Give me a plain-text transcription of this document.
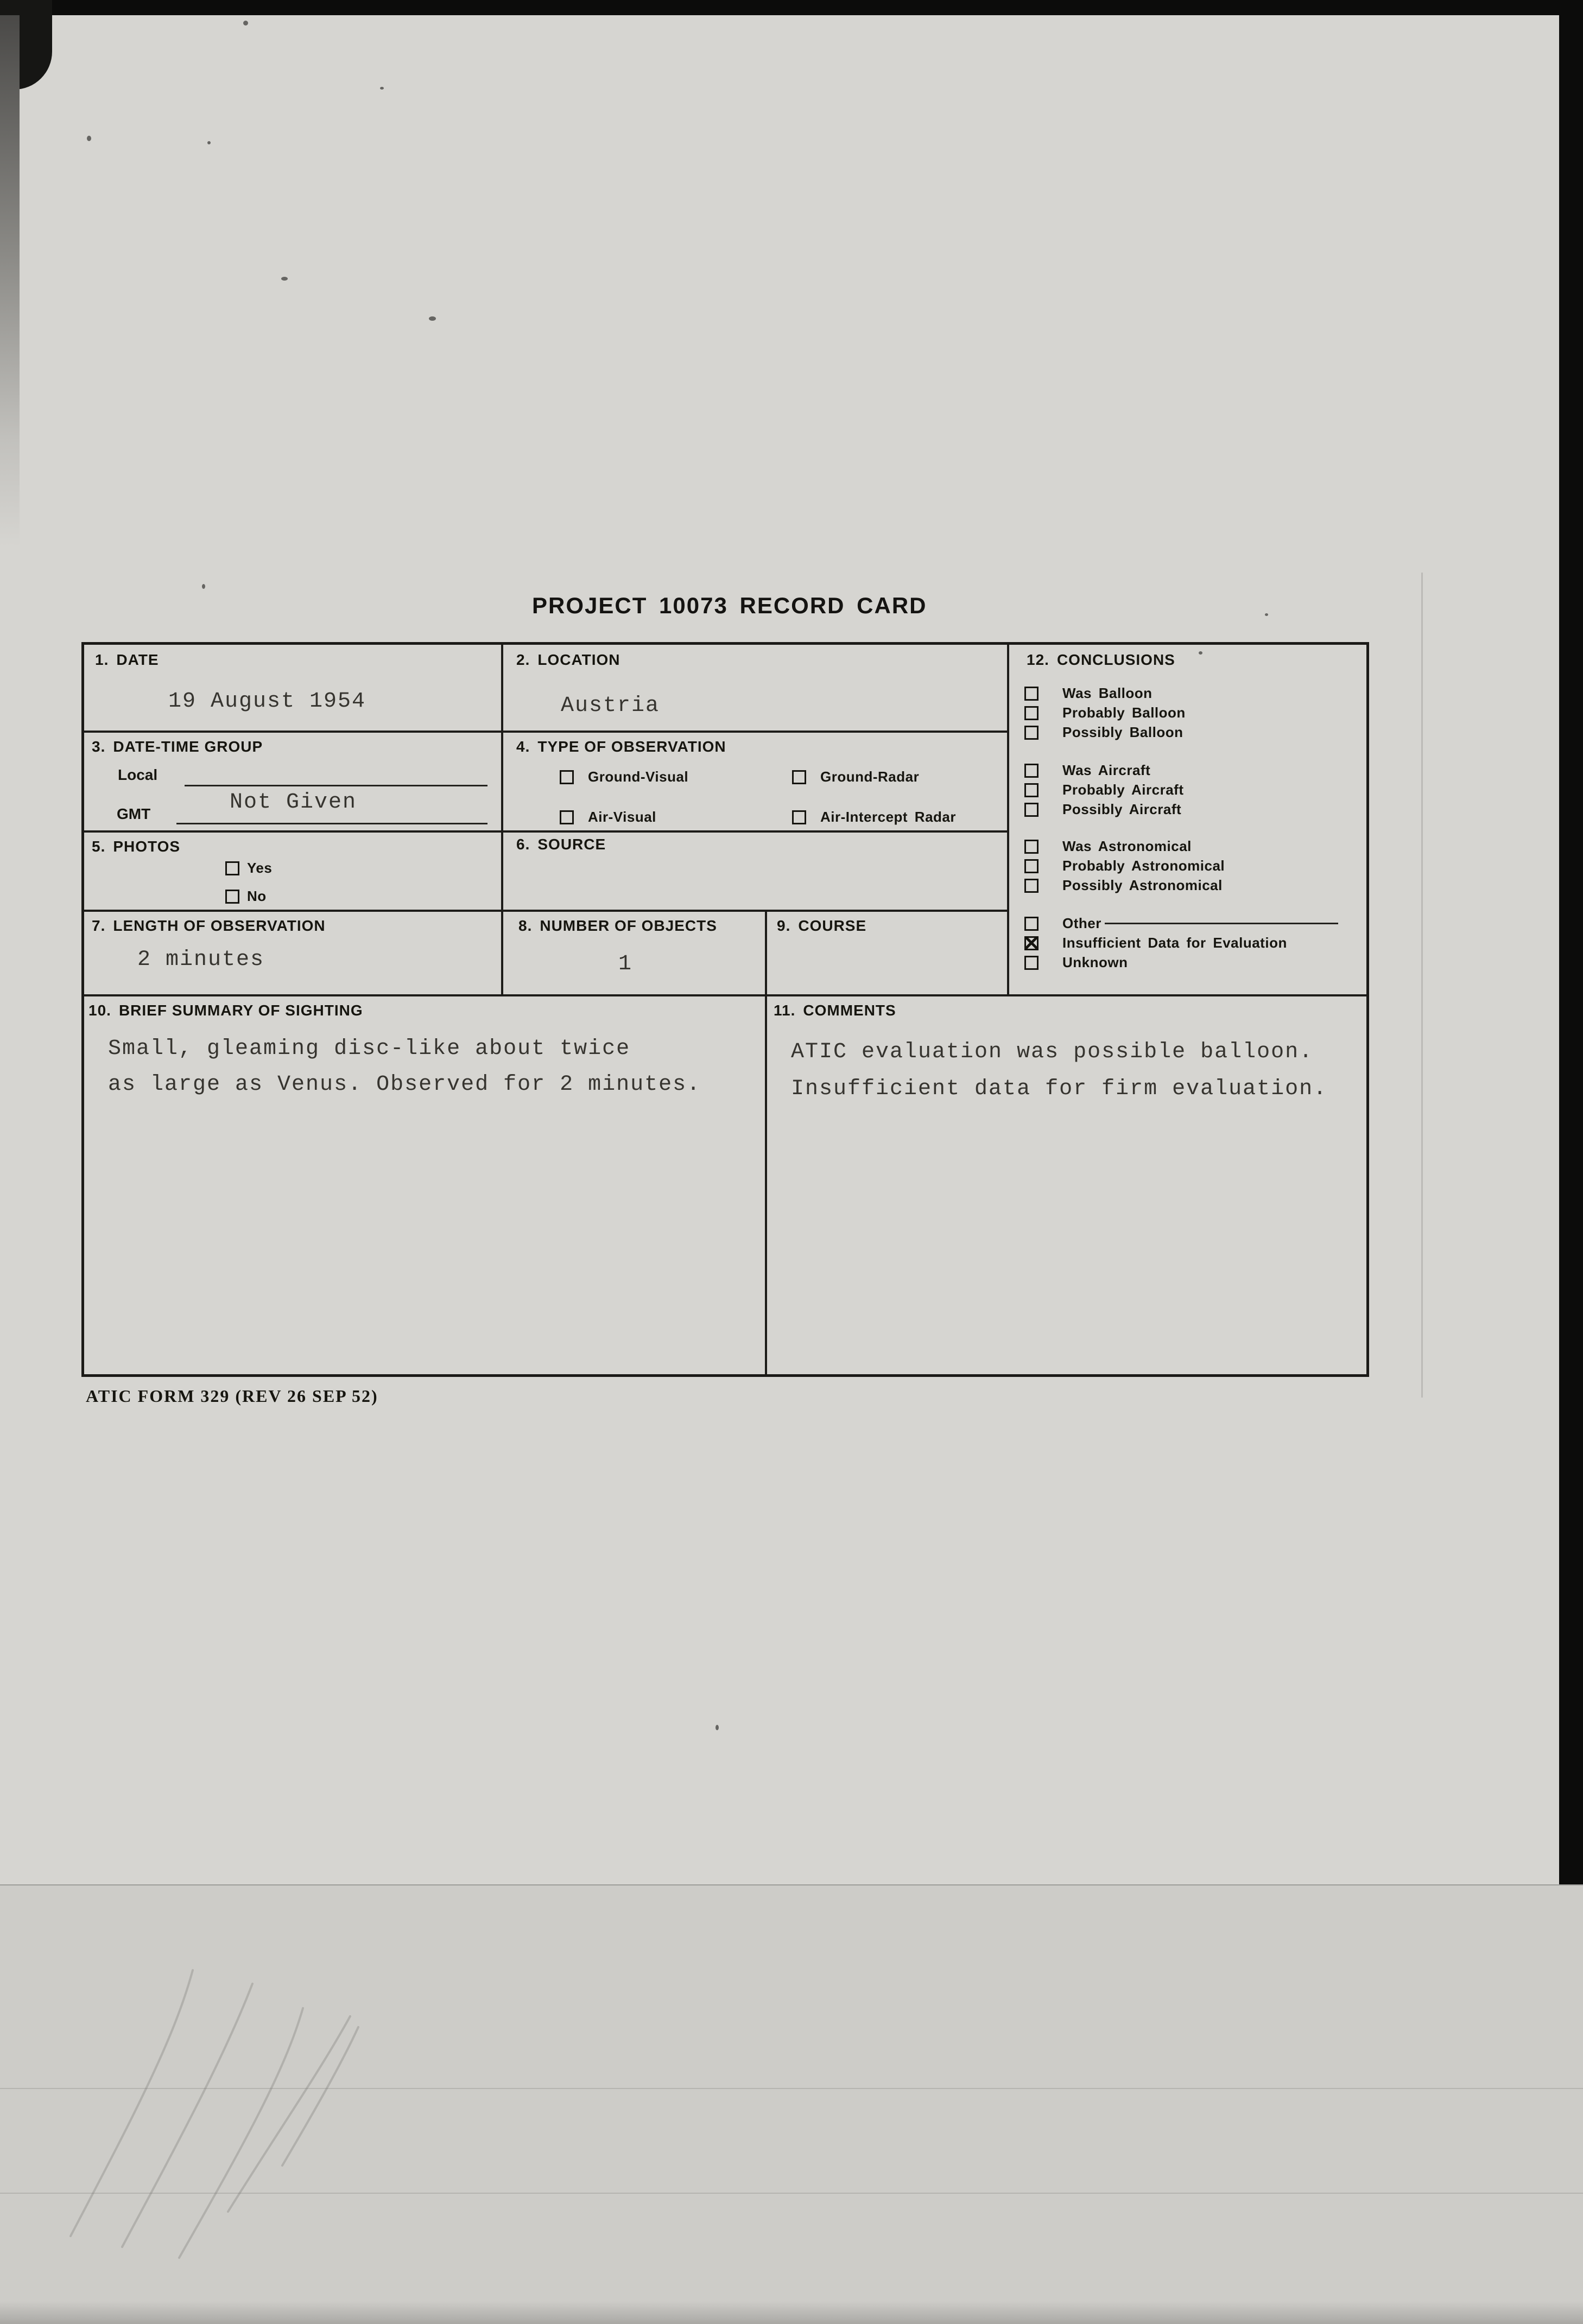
PROJECT 10073 RECORD CARD
1. DATE
19 August 1954
2. LOCATION
Austria
3. DATE-TIME GROUP
Local
GMT	Not Given
4. TYPE OF OBSERVATION
Ground-Visual	Ground-Radar
Air-Visual	Air-Intercept Radar
5. PHOTOS
Yes
No
6. SOURCE
7. LENGTH OF OBSERVATION
2 minutes
8. NUMBER OF OBJECTS
1
9. COURSE
10. BRIEF SUMMARY OF SIGHTING
Small, gleaming disc-like about twice
as large as Venus. Observed for 2 minutes.
11. COMMENTS
ATIC evaluation was possible balloon.
Insufficient data for firm evaluation.
12. CONCLUSIONS
Was Balloon
Probably Balloon
Possibly Balloon
Was Aircraft
Probably Aircraft
Possibly Aircraft
Was Astronomical
Probably Astronomical
Possibly Astronomical
Other
✕
Insufficient Data for Evaluation
Unknown
ATIC FORM 329 (REV 26 SEP 52)
